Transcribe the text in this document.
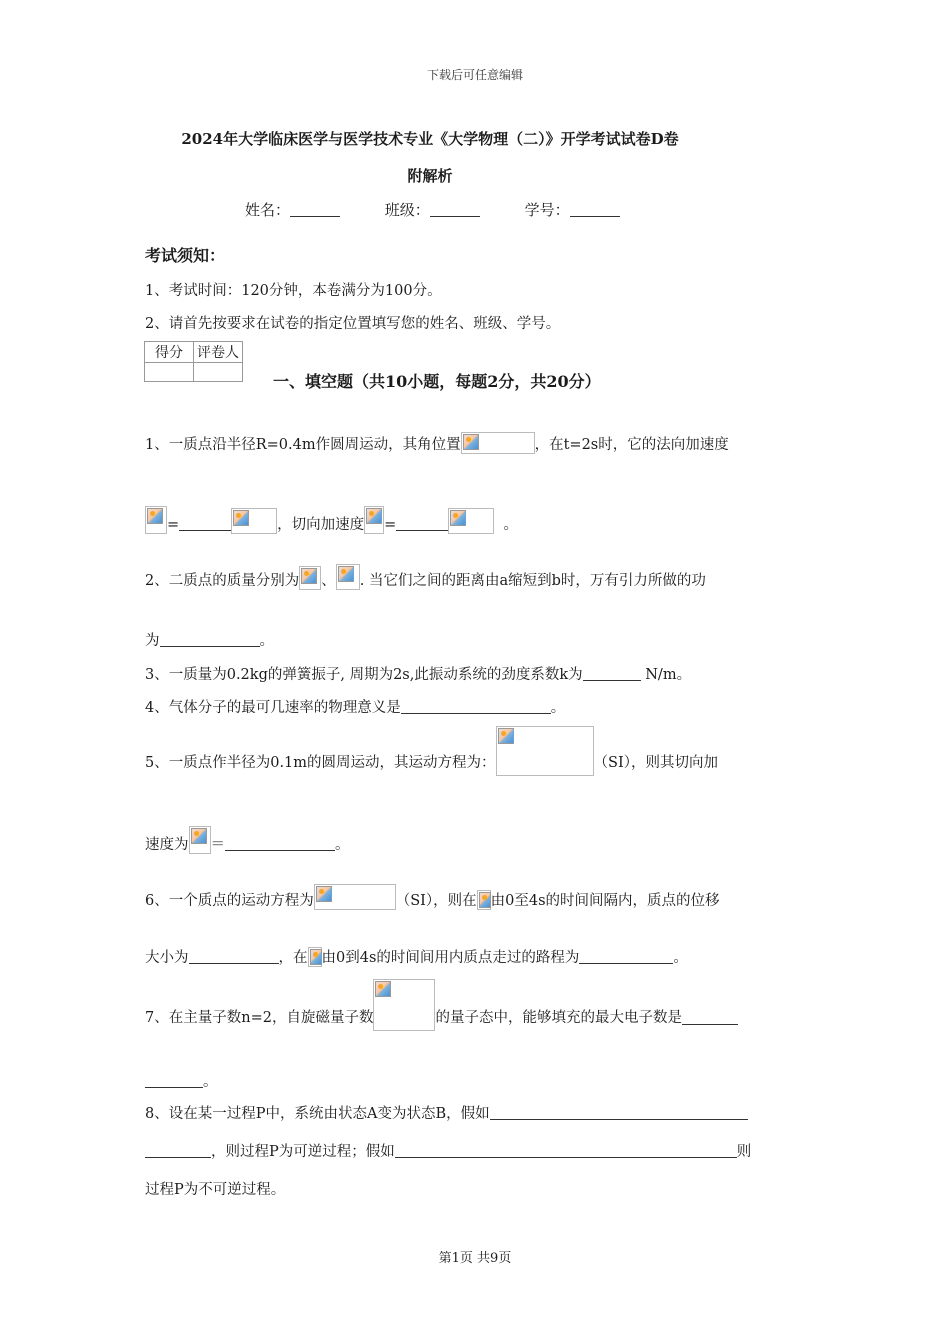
下载后可任意编辑
2024年大学临床医学与医学技术专业《大学物理（二）》开学考试试卷D卷
附解析
姓名：	班级：	学号：
考试须知：
1、考试时间：120分钟，本卷满分为100分。
2、请首先按要求在试卷的指定位置填写您的姓名、班级、学号。
得分	评卷人

一、填空题（共10小题，每题2分，共20分）
1、一质点沿半径R=0.4m作圆周运动，其角位置	，在t=2s时，它的法向加速度
=	，切向加速度 =	。
2、二质点的质量分别为 、 . 当它们之间的距离由a缩短到b时，万有引力所做的功
为	。
3、一质量为0.2kg的弹簧振子, 周期为2s,此振动系统的劲度系数k为	N/m。
4、气体分子的最可几速率的物理意义是	。
5、一质点作半径为0.1m的圆周运动，其运动方程为：	（SI），则其切向加
速度为 ＝	。
6、一个质点的运动方程为	（SI），则在 由0至4s的时间间隔内，质点的位移
大小为	，在 由0到4s的时间间用内质点走过的路程为	。
7、在主量子数n=2，自旋磁量子数	的量子态中，能够填充的最大电子数是
。
8、设在某一过程P中，系统由状态A变为状态B，假如
，则过程P为可逆过程；假如	则
过程P为不可逆过程。
第1页 共9页
